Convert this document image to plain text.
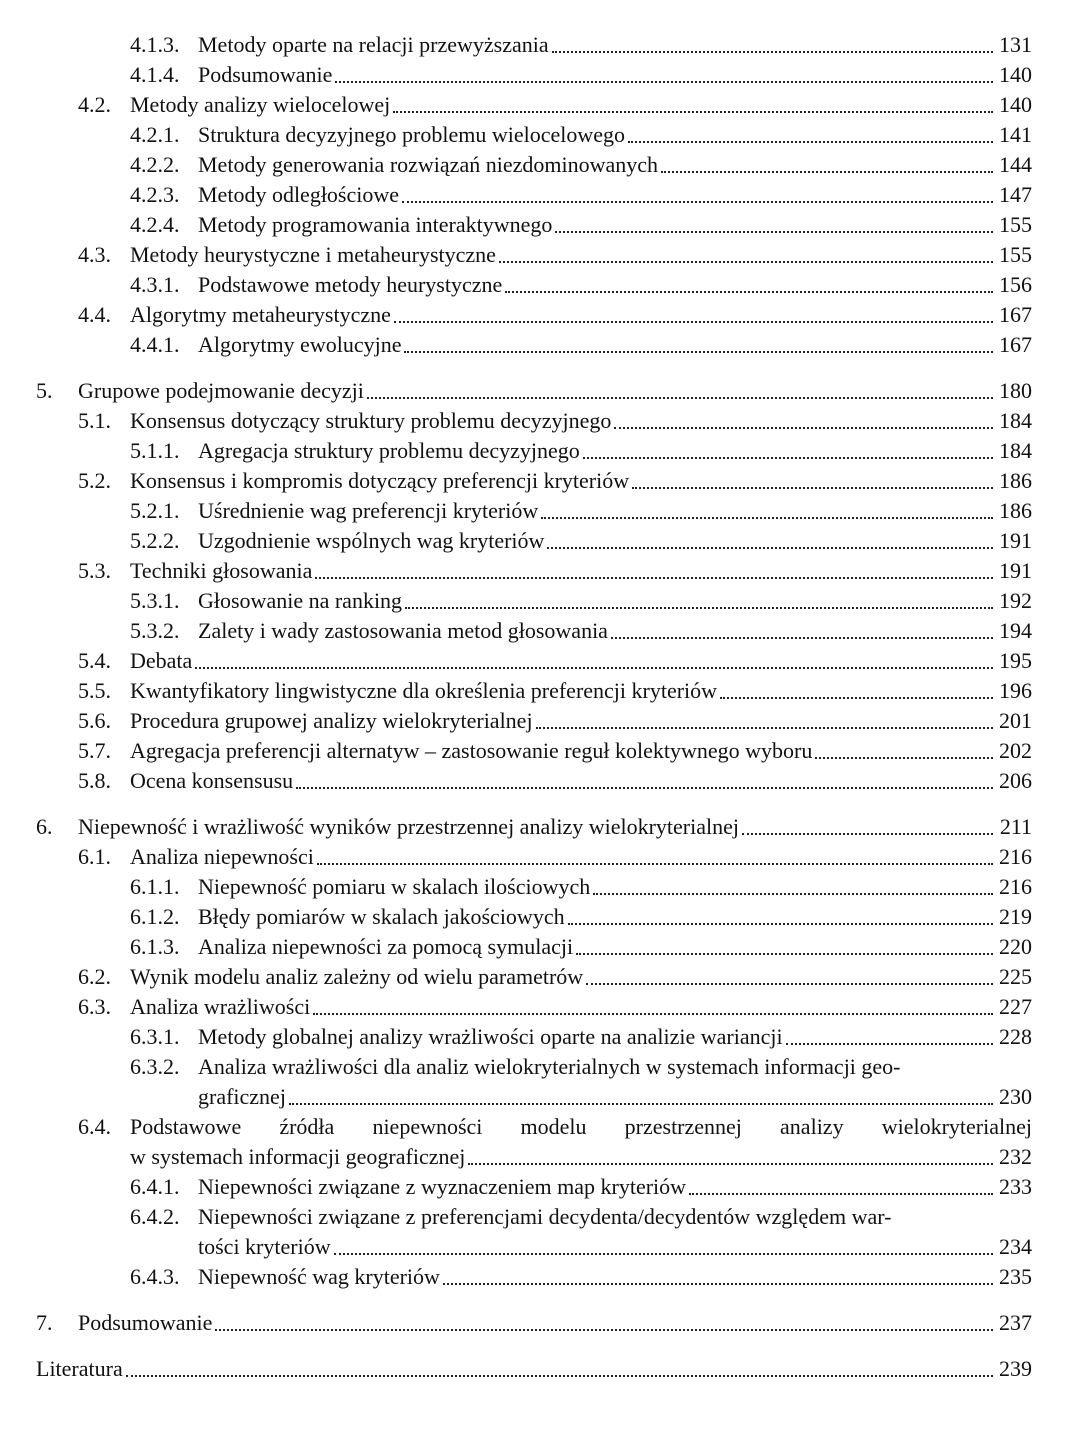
4.1.3. Metody oparte na relacji przewyższania	131
4.1.4. Podsumowanie	140
4.2. Metody analizy wielocelowej	140
4.2.1. Struktura decyzyjnego problemu wielocelowego	141
4.2.2. Metody generowania rozwiązań niezdominowanych	144
4.2.3. Metody odległościowe	147
4.2.4. Metody programowania interaktywnego	155
4.3. Metody heurystyczne i metaheurystyczne	155
4.3.1. Podstawowe metody heurystyczne	156
4.4. Algorytmy metaheurystyczne	167
4.4.1. Algorytmy ewolucyjne	167
5.	Grupowe podejmowanie decyzji	180
5.1. Konsensus dotyczący struktury problemu decyzyjnego	184
5.1.1. Agregacja struktury problemu decyzyjnego	184
5.2. Konsensus i kompromis dotyczący preferencji kryteriów	186
5.2.1. Uśrednienie wag preferencji kryteriów	186
5.2.2. Uzgodnienie wspólnych wag kryteriów	191
5.3. Techniki głosowania	191
5.3.1. Głosowanie na ranking	192
5.3.2. Zalety i wady zastosowania metod głosowania	194
5.4. Debata	195
5.5. Kwantyfikatory lingwistyczne dla określenia preferencji kryteriów	196
5.6. Procedura grupowej analizy wielokryterialnej	201
5.7. Agregacja preferencji alternatyw – zastosowanie reguł kolektywnego wyboru	202
5.8. Ocena konsensusu	206
6.	Niepewność i wrażliwość wyników przestrzennej analizy wielokryterialnej	211
6.1. Analiza niepewności	216
6.1.1. Niepewność pomiaru w skalach ilościowych	216
6.1.2. Błędy pomiarów w skalach jakościowych	219
6.1.3. Analiza niepewności za pomocą symulacji	220
6.2. Wynik modelu analiz zależny od wielu parametrów	225
6.3. Analiza wrażliwości	227
6.3.1. Metody globalnej analizy wrażliwości oparte na analizie wariancji	228
6.3.2. Analiza wrażliwości dla analiz wielokryterialnych w systemach informacji geo-
graficznej	230
6.4. Podstawowe źródła niepewności modelu przestrzennej analizy wielokryterialnej
w systemach informacji geograficznej	232
6.4.1. Niepewności związane z wyznaczeniem map kryteriów	233
6.4.2. Niepewności związane z preferencjami decydenta/decydentów względem war-
tości kryteriów	234
6.4.3. Niepewność wag kryteriów	235
7.	Podsumowanie	237
Literatura	239
